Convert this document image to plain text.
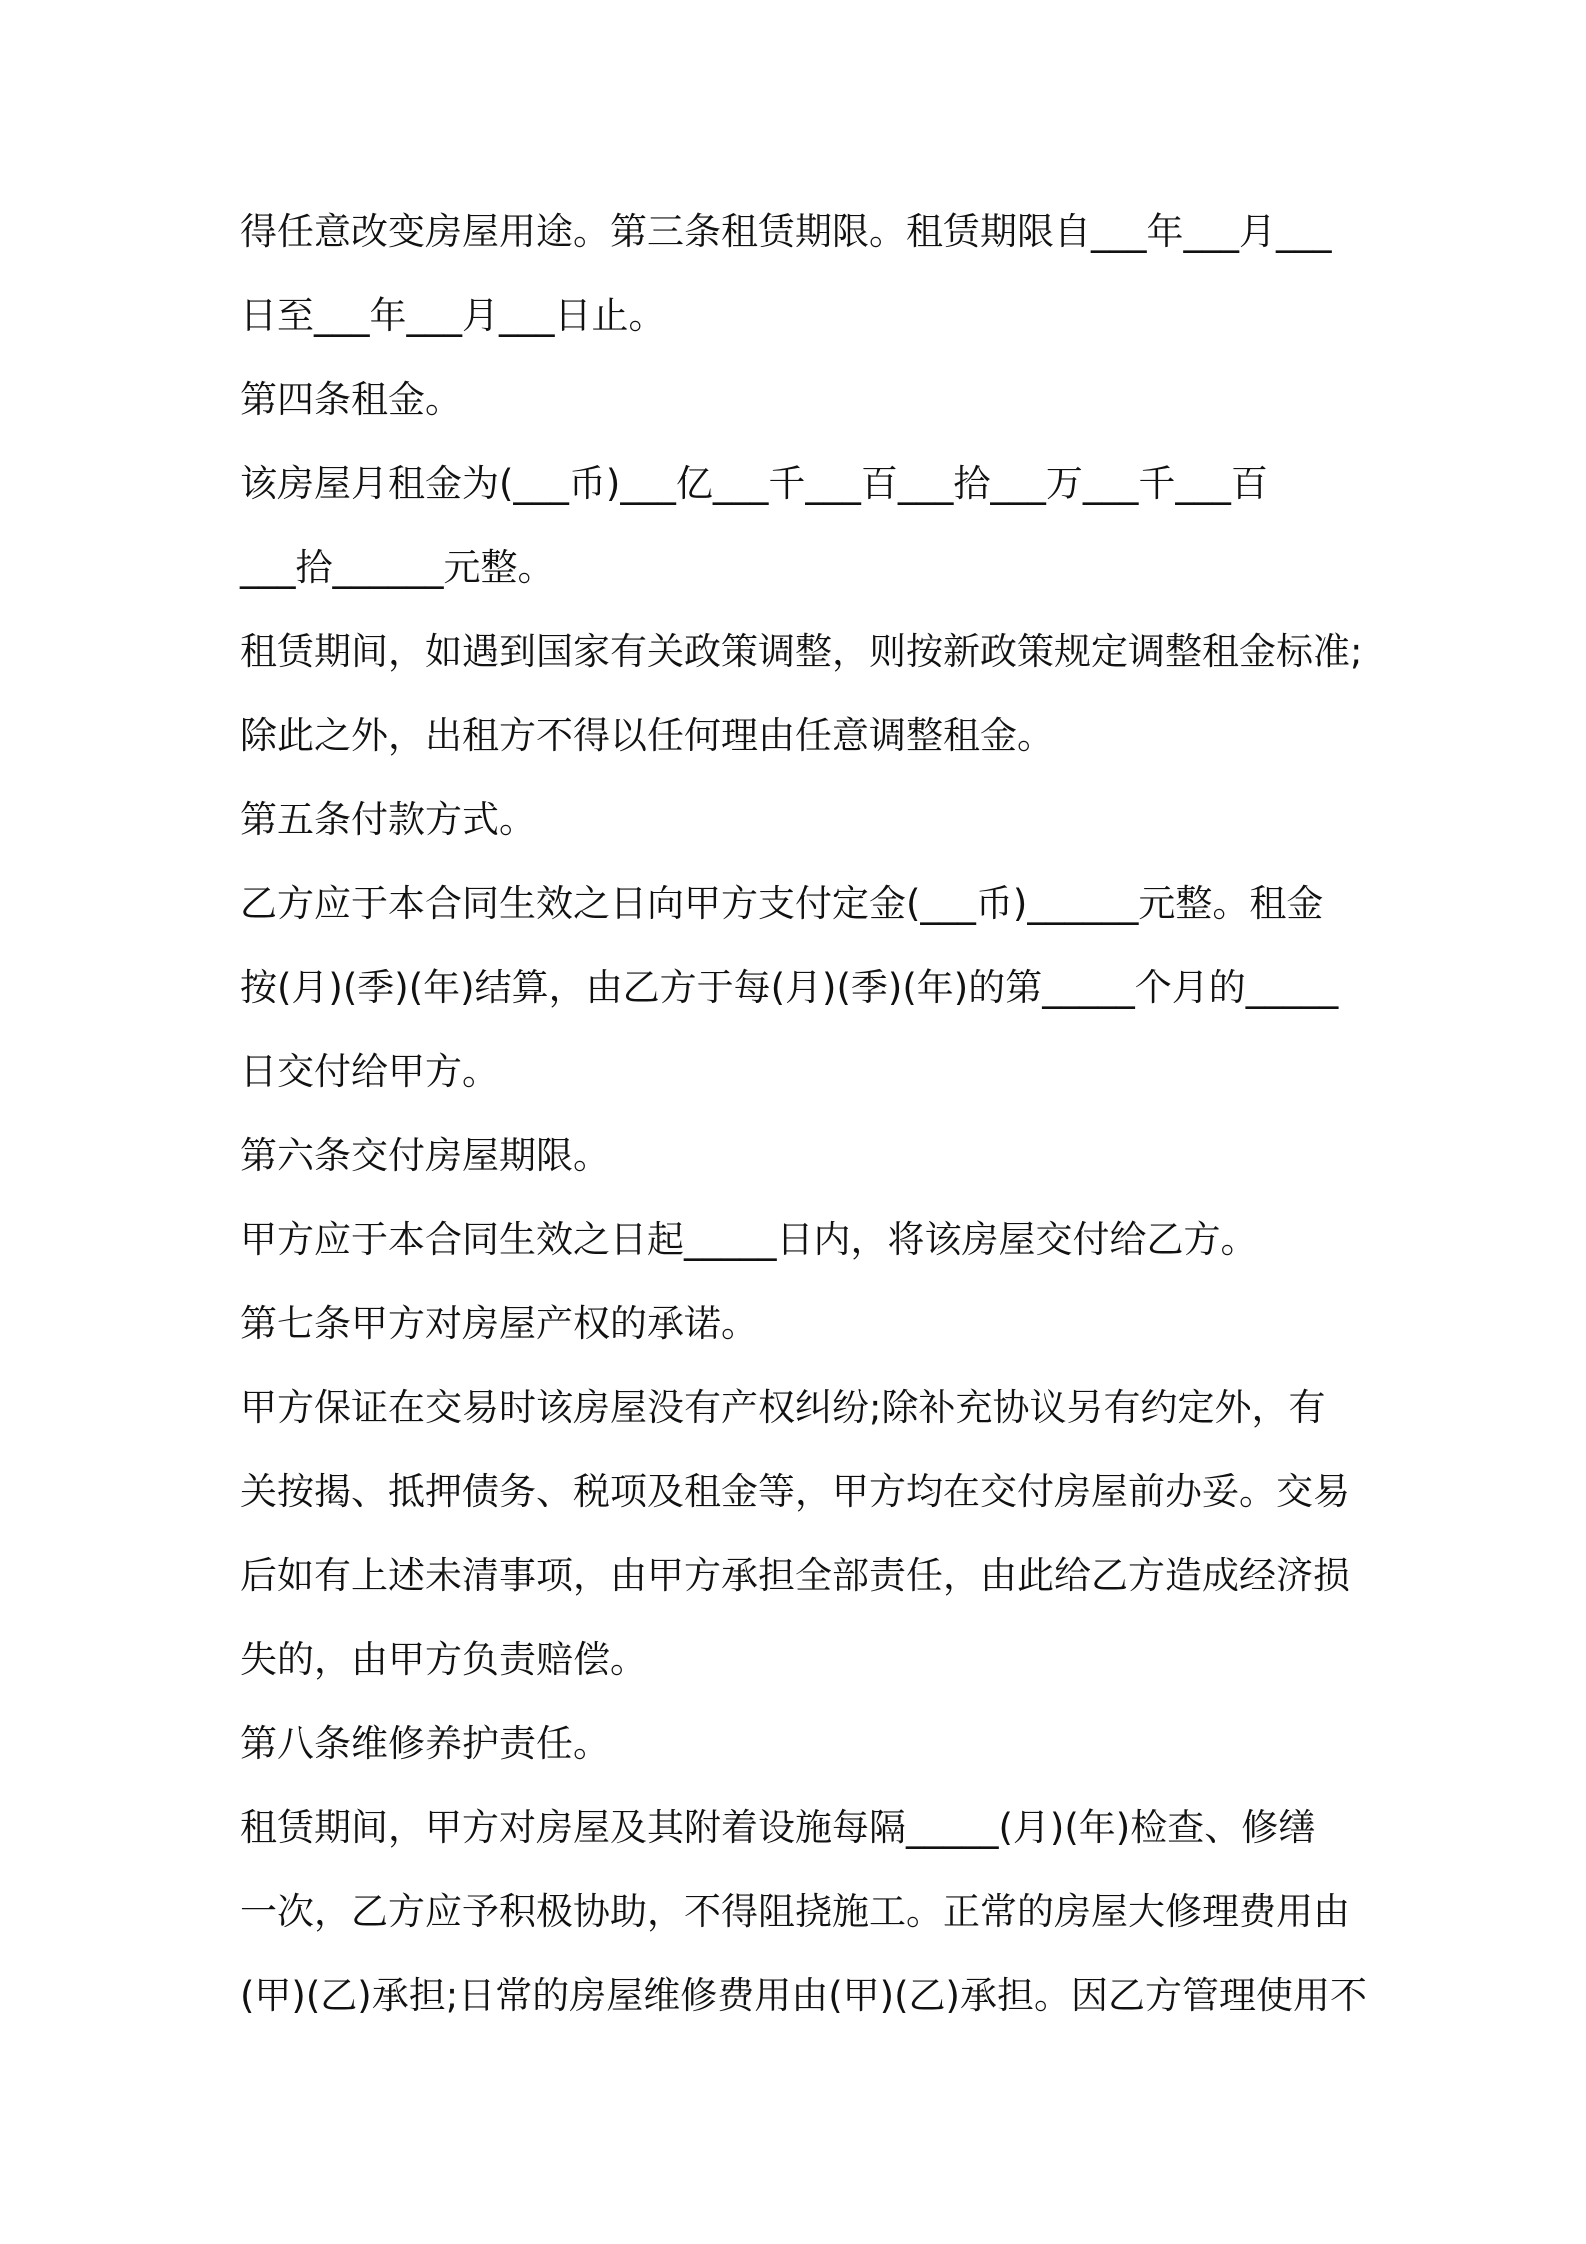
得任意改变房屋用途。第三条租赁期限。租赁期限自___年___月___
日至___年___月___日止。
第四条租金。
该房屋月租金为(___币)___亿___千___百___拾___万___千___百
___拾______元整。
租赁期间，如遇到国家有关政策调整，则按新政策规定调整租金标准;
除此之外，出租方不得以任何理由任意调整租金。
第五条付款方式。
乙方应于本合同生效之日向甲方支付定金(___币)______元整。租金
按(月)(季)(年)结算，由乙方于每(月)(季)(年)的第_____个月的_____
日交付给甲方。
第六条交付房屋期限。
甲方应于本合同生效之日起_____日内，将该房屋交付给乙方。
第七条甲方对房屋产权的承诺。
甲方保证在交易时该房屋没有产权纠纷;除补充协议另有约定外，有
关按揭、抵押债务、税项及租金等，甲方均在交付房屋前办妥。交易
后如有上述未清事项，由甲方承担全部责任，由此给乙方造成经济损
失的，由甲方负责赔偿。
第八条维修养护责任。
租赁期间，甲方对房屋及其附着设施每隔_____(月)(年)检查、修缮
一次，乙方应予积极协助，不得阻挠施工。正常的房屋大修理费用由
(甲)(乙)承担;日常的房屋维修费用由(甲)(乙)承担。因乙方管理使用不
